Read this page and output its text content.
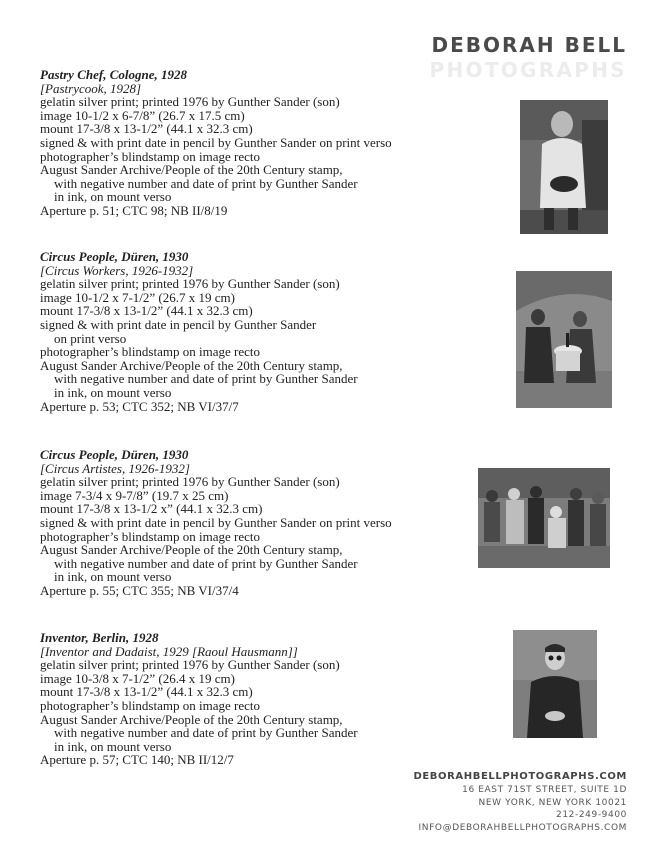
DEBORAH BELL
PHOTOGRAPHS
Pastry Chef, Cologne, 1928
[Pastrycook, 1928]
gelatin silver print; printed 1976 by Gunther Sander (son)
image 10-1/2 x 6-7/8” (26.7 x 17.5 cm)
mount 17-3/8 x 13-1/2” (44.1 x 32.3 cm)
signed & with print date in pencil by Gunther Sander on print verso
photographer’s blindstamp on image recto
August Sander Archive/People of the 20th Century stamp,
with negative number and date of print by Gunther Sander
in ink, on mount verso
Aperture p. 51; CTC 98; NB II/8/19
Circus People, Düren, 1930
[Circus Workers, 1926-1932]
gelatin silver print; printed 1976 by Gunther Sander (son)
image 10-1/2 x 7-1/2” (26.7 x 19 cm)
mount 17-3/8 x 13-1/2” (44.1 x 32.3 cm)
signed & with print date in pencil by Gunther Sander
on print verso
photographer’s blindstamp on image recto
August Sander Archive/People of the 20th Century stamp,
with negative number and date of print by Gunther Sander
in ink, on mount verso
Aperture p. 53; CTC 352; NB VI/37/7
Circus People, Düren, 1930
[Circus Artistes, 1926-1932]
gelatin silver print; printed 1976 by Gunther Sander (son)
image 7-3/4 x 9-7/8” (19.7 x 25 cm)
mount 17-3/8 x 13-1/2 x” (44.1 x 32.3 cm)
signed & with print date in pencil by Gunther Sander on print verso
photographer’s blindstamp on image recto
August Sander Archive/People of the 20th Century stamp,
with negative number and date of print by Gunther Sander
in ink, on mount verso
Aperture p. 55; CTC 355; NB VI/37/4
Inventor, Berlin, 1928
[Inventor and Dadaist, 1929 [Raoul Hausmann]]
gelatin silver print; printed 1976 by Gunther Sander (son)
image 10-3/8 x 7-1/2” (26.4 x 19 cm)
mount 17-3/8 x 13-1/2” (44.1 x 32.3 cm)
photographer’s blindstamp on image recto
August Sander Archive/People of the 20th Century stamp,
with negative number and date of print by Gunther Sander
in ink, on mount verso
Aperture p. 57; CTC 140; NB II/12/7
DEBORAHBELLPHOTOGRAPHS.COM
16 EAST 71ST STREET, SUITE 1D
NEW YORK, NEW YORK 10021
212-249-9400
INFO@DEBORAHBELLPHOTOGRAPHS.COM
